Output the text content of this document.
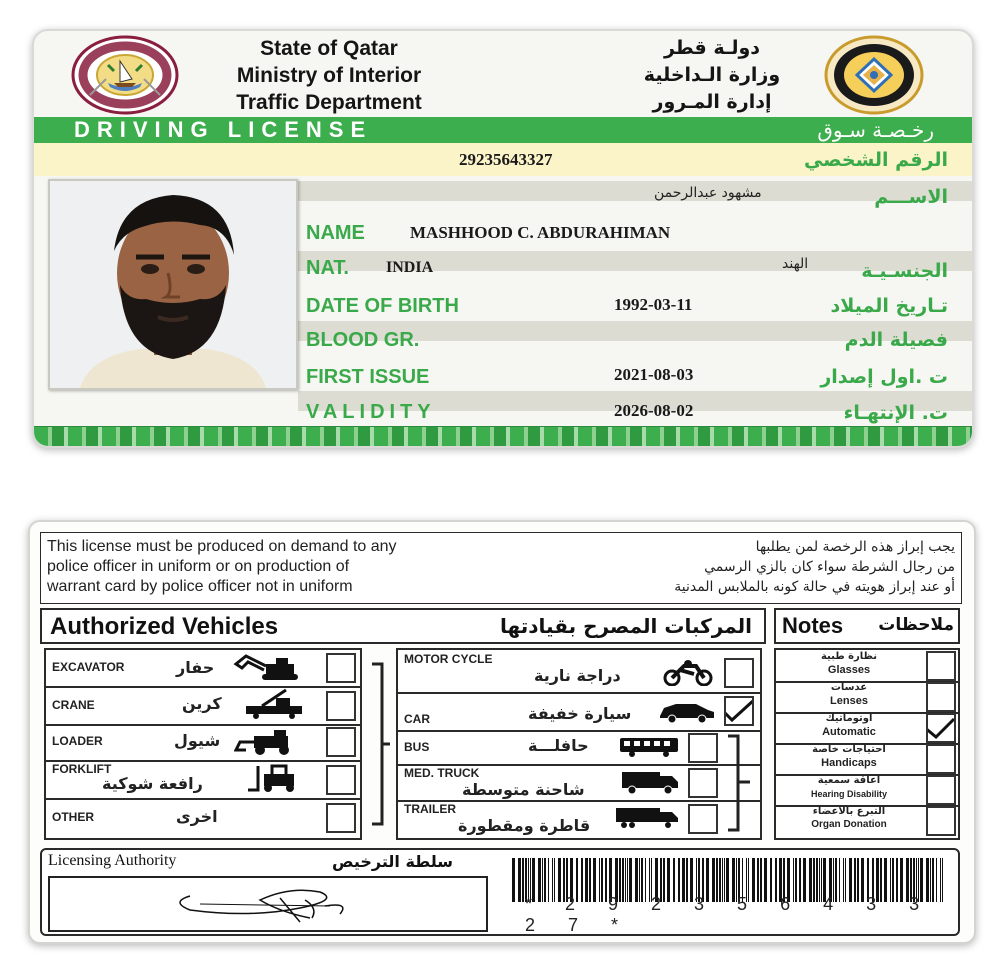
State of Qatar
Ministry of Interior
Traffic Department
دولـة قطر
وزارة الـداخلية
إدارة المـرور
DRIVING LICENSE	رخـصـة سـوق
29235643327	الرقم الشخصي
مشهود عبدالرحمن	الاســـم
NAME	MASHHOOD C. ABDURAHIMAN
NAT. INDIA	الهند	الجنسـيـة
DATE OF BIRTH	1992-03-11	تـاريخ الميلاد
BLOOD GR.	فصيلة الدم
FIRST ISSUE	2021-08-03	ت .اول إصدار
VALIDITY	2026-08-02	ت. الإنتهـاء
This license must be produced on demand to any
police officer in uniform or on production of
warrant card by police officer not in uniform
يجب إبراز هذه الرخصة لمن يطلبها
من رجال الشرطة سواء كان بالزي الرسمي
أو عند إبراز هويته في حالة كونه بالملابس المدنية
Authorized Vehicles	المركبات المصرح بقيادتها Notes ملاحظات
EXCAVATOR	حفار
CRANE	كرين
LOADER	شيول
FORKLIFT
رافعة شوكية
OTHER	اخرى
MOTOR CYCLE
دراجة نارية
CAR	سيارة خفيفة
BUS	حافلـــة
MED. TRUCK
شاحنة متوسطة
TRAILER
قاطرة ومقطورة
نظارة طبية
Glasses
عدسات
Lenses
اوتوماتيك
Automatic
احتياجات خاصة
Handicaps
اعاقة سمعية
Hearing Disability
التبرع بالاعضاء
Organ Donation
Licensing Authority	سلطة الترخيص
* 2 9 2 3 5 6 4 3 3 2 7 *
